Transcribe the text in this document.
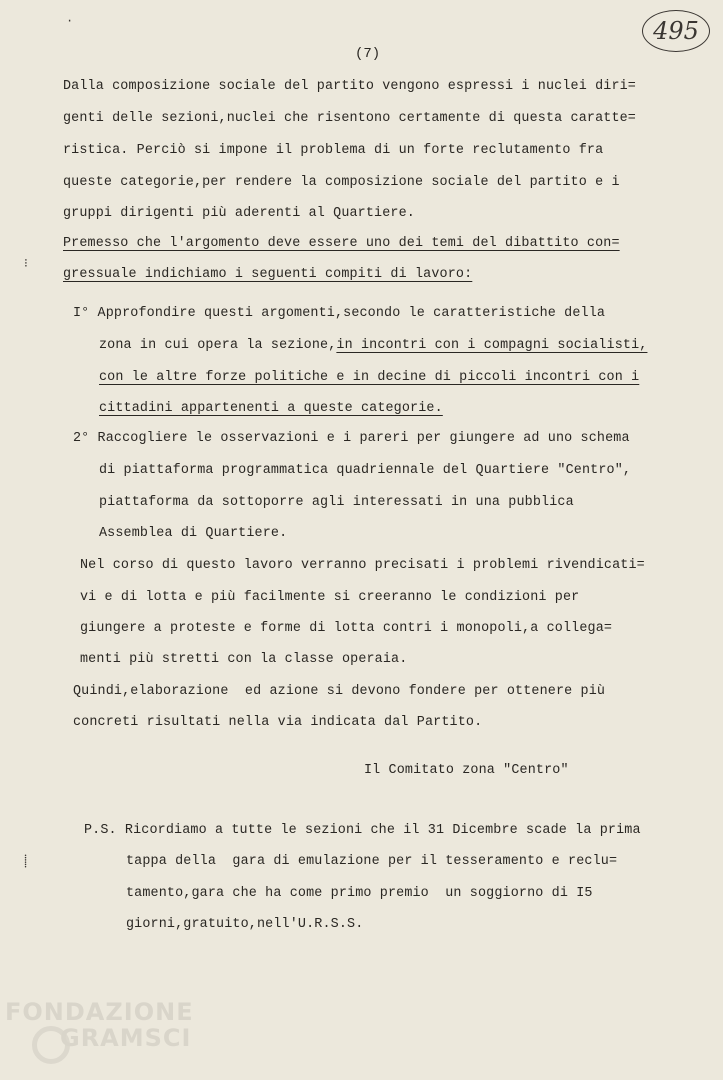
495
(7)
·
⁝
⸽
Dalla composizione sociale del partito vengono espressi i nuclei diri=
genti delle sezioni,nuclei che risentono certamente di questa caratte=
ristica. Perciò si impone il problema di un forte reclutamento fra
queste categorie,per rendere la composizione sociale del partito e i
gruppi dirigenti più aderenti al Quartiere.
Premesso che l'argomento deve essere uno dei temi del dibattito con=
gressuale indichiamo i seguenti compiti di lavoro:
I° Approfondire questi argomenti,secondo le caratteristiche della
zona in cui opera la sezione,in incontri con i compagni socialisti,
con le altre forze politiche e in decine di piccoli incontri con i
cittadini appartenenti a queste categorie.
2° Raccogliere le osservazioni e i pareri per giungere ad uno schema
di piattaforma programmatica quadriennale del Quartiere "Centro",
piattaforma da sottoporre agli interessati in una pubblica
Assemblea di Quartiere.
Nel corso di questo lavoro verranno precisati i problemi rivendicati=
vi e di lotta e più facilmente si creeranno le condizioni per
giungere a proteste e forme di lotta contri i monopoli,a collega=
menti più stretti con la classe operaia.
Quindi,elaborazione  ed azione si devono fondere per ottenere più
concreti risultati nella via indicata dal Partito.
Il Comitato zona "Centro"
P.S. Ricordiamo a tutte le sezioni che il 31 Dicembre scade la prima
tappa della  gara di emulazione per il tesseramento e reclu=
tamento,gara che ha come primo premio  un soggiorno di I5
giorni,gratuito,nell'U.R.S.S.
FONDAZIONE
GRAMSCI
